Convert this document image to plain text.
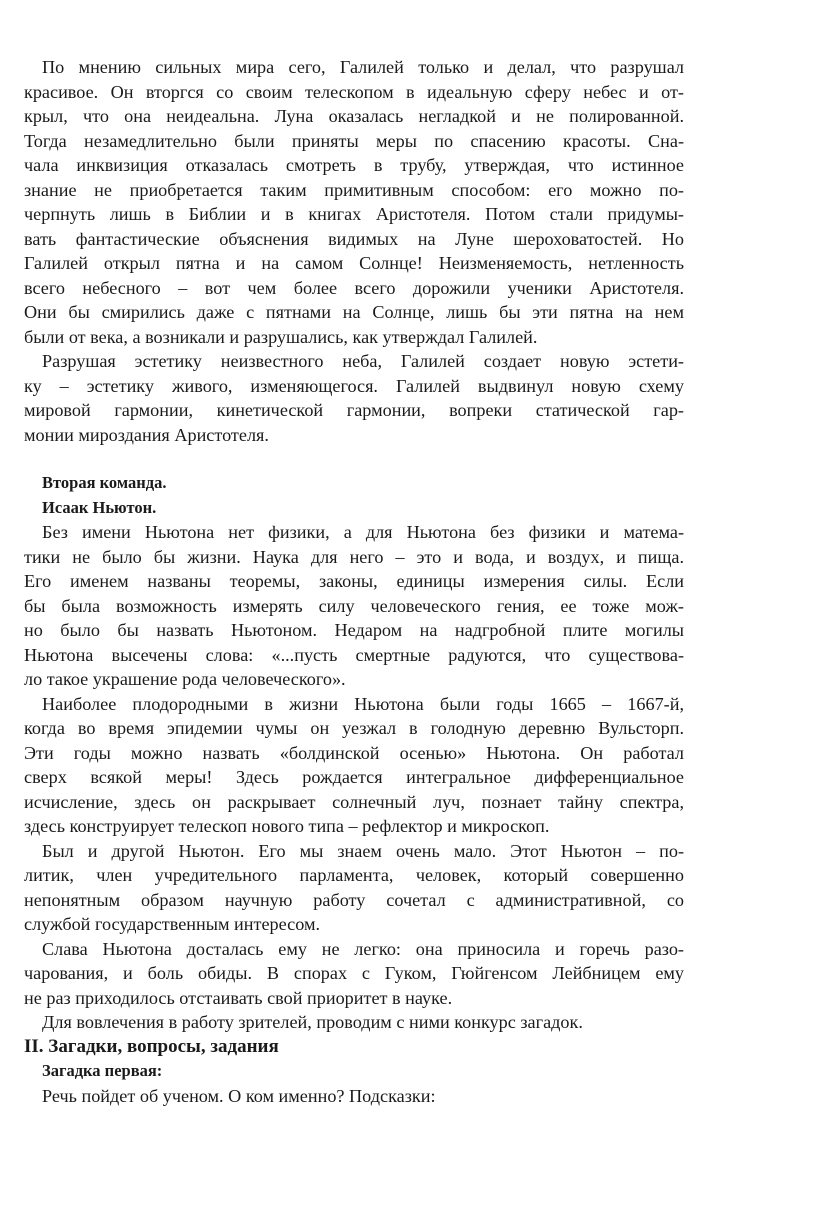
По мнению сильных мира сего, Галилей только и делал, что разрушал
красивое. Он вторгся со своим телескопом в идеальную сферу небес и от-
крыл, что она неидеальна. Луна оказалась негладкой и не полированной.
Тогда незамедлительно были приняты меры по спасению красоты. Сна-
чала инквизиция отказалась смотреть в трубу, утверждая, что истинное
знание не приобретается таким примитивным способом: его можно по-
черпнуть лишь в Библии и в книгах Аристотеля. Потом стали придумы-
вать фантастические объяснения видимых на Луне шероховатостей. Но
Галилей открыл пятна и на самом Солнце! Неизменяемость, нетленность
всего небесного – вот чем более всего дорожили ученики Аристотеля.
Они бы смирились даже с пятнами на Солнце, лишь бы эти пятна на нем
были от века, а возникали и разрушались, как утверждал Галилей.
Разрушая эстетику неизвестного неба, Галилей создает новую эстети-
ку – эстетику живого, изменяющегося. Галилей выдвинул новую схему
мировой гармонии, кинетической гармонии, вопреки статической гар-
монии мироздания Аристотеля.
Вторая команда.
Исаак Ньютон.
Без имени Ньютона нет физики, а для Ньютона без физики и матема-
тики не было бы жизни. Наука для него – это и вода, и воздух, и пища.
Его именем названы теоремы, законы, единицы измерения силы. Если
бы была возможность измерять силу человеческого гения, ее тоже мож-
но было бы назвать Ньютоном. Недаром на надгробной плите могилы
Ньютона высечены слова: «...пусть смертные радуются, что существова-
ло такое украшение рода человеческого».
Наиболее плодородными в жизни Ньютона были годы 1665 – 1667-й,
когда во время эпидемии чумы он уезжал в голодную деревню Вульсторп.
Эти годы можно назвать «болдинской осенью» Ньютона. Он работал
сверх всякой меры! Здесь рождается интегральное дифференциальное
исчисление, здесь он раскрывает солнечный луч, познает тайну спектра,
здесь конструирует телескоп нового типа – рефлектор и микроскоп.
Был и другой Ньютон. Его мы знаем очень мало. Этот Ньютон – по-
литик, член учредительного парламента, человек, который совершенно
непонятным образом научную работу сочетал с административной, со
службой государственным интересом.
Слава Ньютона досталась ему не легко: она приносила и горечь разо-
чарования, и боль обиды. В спорах с Гуком, Гюйгенсом Лейбницем ему
не раз приходилось отстаивать свой приоритет в науке.
Для вовлечения в работу зрителей, проводим с ними конкурс загадок.
II. Загадки, вопросы, задания
Загадка первая:
Речь пойдет об ученом. О ком именно? Подсказки:
